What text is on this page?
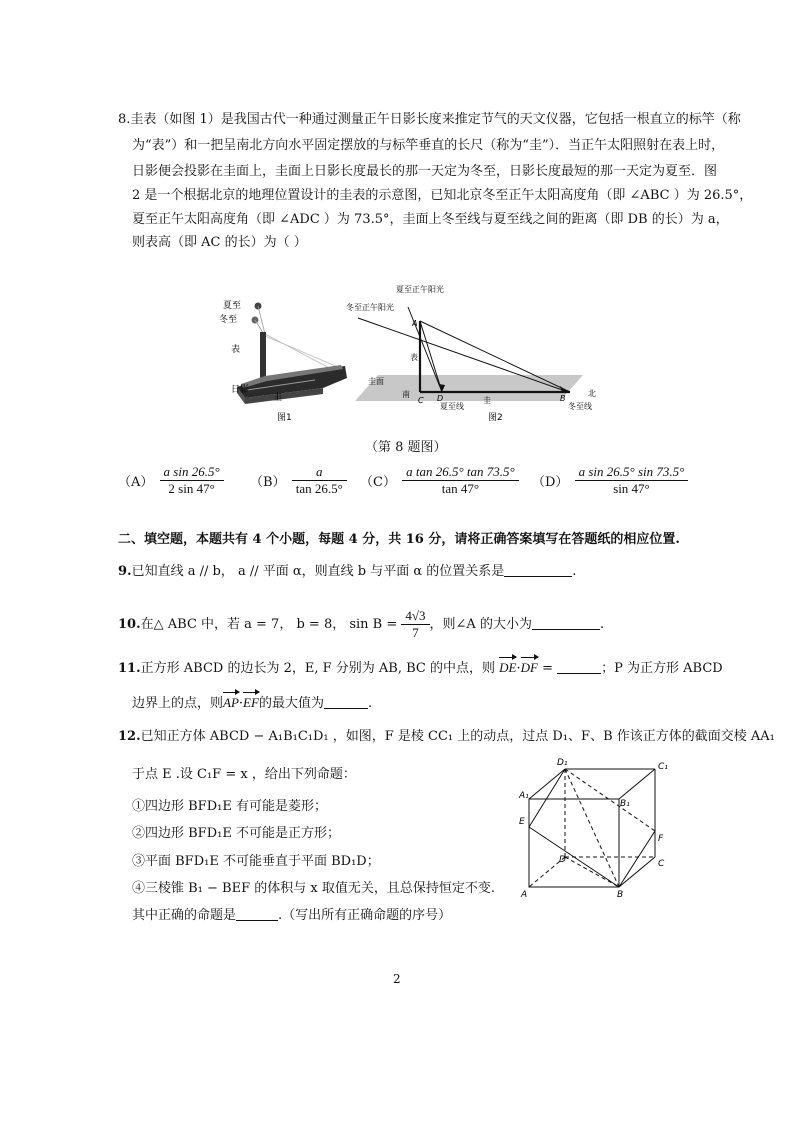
8.圭表（如图 1）是我国古代一种通过测量正午日影长度来推定节气的天文仪器，它包括一根直立的标竿（称
为“表”）和一把呈南北方向水平固定摆放的与标竿垂直的长尺（称为“圭”）．当正午太阳照射在表上时，
日影便会投影在圭面上，圭面上日影长度最长的那一天定为冬至，日影长度最短的那一天定为夏至．图
2 是一个根据北京的地理位置设计的圭表的示意图，已知北京冬至正午太阳高度角（即 ∠ABC ）为 26.5°，
夏至正午太阳高度角（即 ∠ADC ）为 73.5°，圭面上冬至线与夏至线之间的距离（即 DB 的长）为 a，
则表高（即 AC 的长）为（ ）
夏至
冬至
表
日影
圭
图1
夏至正午阳光
冬至正午阳光
A
表
圭面
南
C D
夏至线
圭	B
北
冬至线
图2
（第 8 题图）
$(A) \frac{\text{a sin 26.5°}}{2 \sin 47^\circ} (B) \frac{a}{\tan 26.5^\circ} (C) \frac{\text{a tan 26.5° tan 73.5°}}{\tan 47^\circ} (D) \frac{\text{a sin 26.5° sin 73.5°}}{\sin 47^\circ}$
二、填空题，本题共有 4 个小题，每题 4 分，共 16 分，请将正确答案填写在答题纸的相应位置.
9.已知直线 a // b， a // 平面 α，则直线 b 与平面 α 的位置关系是	.
10.在△ ABC 中，若 a = 7， b = 8， $\sin B = \frac{4√3}{7}$ ，则∠A 的大小为	.
11.正方形 ABCD 的边长为 2，E, F 分别为 AB, BC 的中点，则 DE·DF =	；P 为正方形 ABCD
边界上的点，则AP·EF的最大值为	.
12.已知正方体 ABCD − A₁B₁C₁D₁ ，如图，F 是棱 CC₁ 上的动点，过点 D₁、F、B 作该正方体的截面交棱 AA₁
于点 E .设 C₁F = x ，给出下列命题：
①四边形 BFD₁E 有可能是菱形；
②四边形 BFD₁E 不可能是正方形；
③平面 BFD₁E 不可能垂直于平面 BD₁D；
④三棱锥 B₁ − BEF 的体积与 x 取值无关，且总保持恒定不变.
其中正确的命题是	.（写出所有正确命题的序号）
D₁	C₁
A₁
B₁
E
F
D	C
A	B
2
